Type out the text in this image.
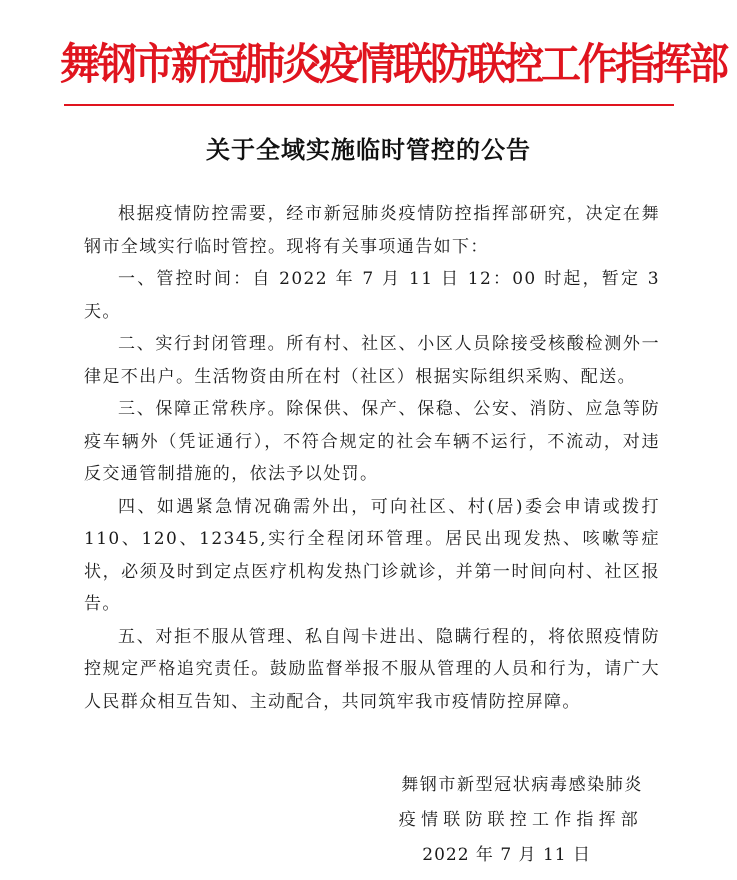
舞钢市新冠肺炎疫情联防联控工作指挥部
关于全域实施临时管控的公告

根据疫情防控需要，经市新冠肺炎疫情防控指挥部研究，决定在舞钢市全域实行临时管控。现将有关事项通告如下：

一、管控时间：自 2022 年 7 月 11 日 12：00 时起，暂定 3 天。

二、实行封闭管理。所有村、社区、小区人员除接受核酸检测外一律足不出户。生活物资由所在村（社区）根据实际组织采购、配送。

三、保障正常秩序。除保供、保产、保稳、公安、消防、应急等防疫车辆外（凭证通行），不符合规定的社会车辆不运行，不流动，对违反交通管制措施的，依法予以处罚。

四、如遇紧急情况确需外出，可向社区、村(居)委会申请或拨打 110、120、12345,实行全程闭环管理。居民出现发热、咳嗽等症状，必须及时到定点医疗机构发热门诊就诊，并第一时间向村、社区报告。

五、对拒不服从管理、私自闯卡进出、隐瞒行程的，将依照疫情防控规定严格追究责任。鼓励监督举报不服从管理的人员和行为，请广大人民群众相互告知、主动配合，共同筑牢我市疫情防控屏障。

舞钢市新型冠状病毒感染肺炎
疫情联防联控工作指挥部
2022 年 7 月 11 日
